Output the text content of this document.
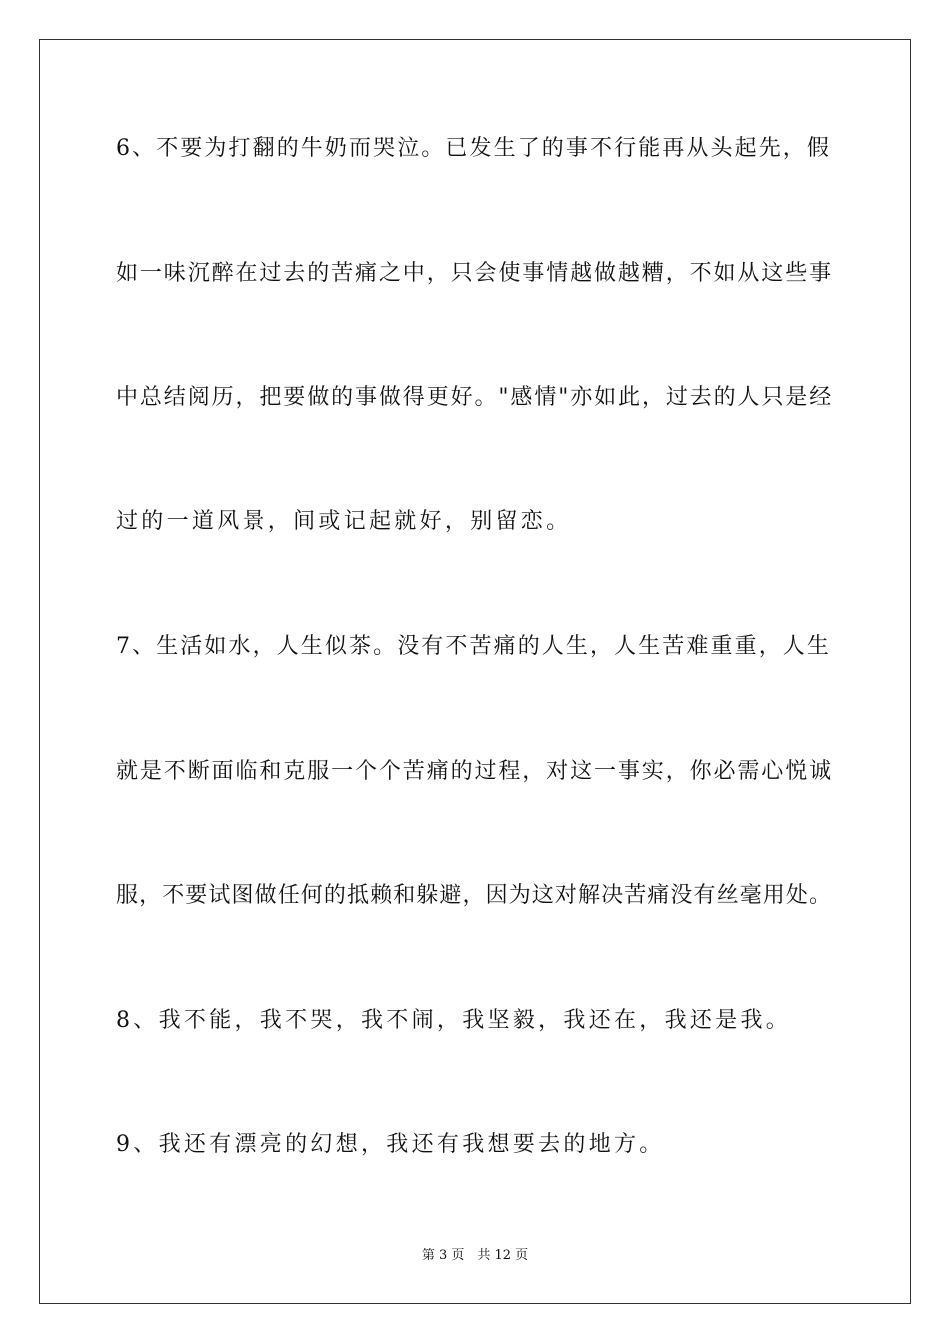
6、不要为打翻的牛奶而哭泣。已发生了的事不行能再从头起先，假
如一味沉醉在过去的苦痛之中，只会使事情越做越糟，不如从这些事
中总结阅历，把要做的事做得更好。"感情"亦如此，过去的人只是经
过的一道风景，间或记起就好，别留恋。
7、生活如水，人生似茶。没有不苦痛的人生，人生苦难重重，人生
就是不断面临和克服一个个苦痛的过程，对这一事实，你必需心悦诚
服，不要试图做任何的抵赖和躲避，因为这对解决苦痛没有丝毫用处。
8、我不能，我不哭，我不闹，我坚毅，我还在，我还是我。
9、我还有漂亮的幻想，我还有我想要去的地方。
第 3 页　共 12 页
